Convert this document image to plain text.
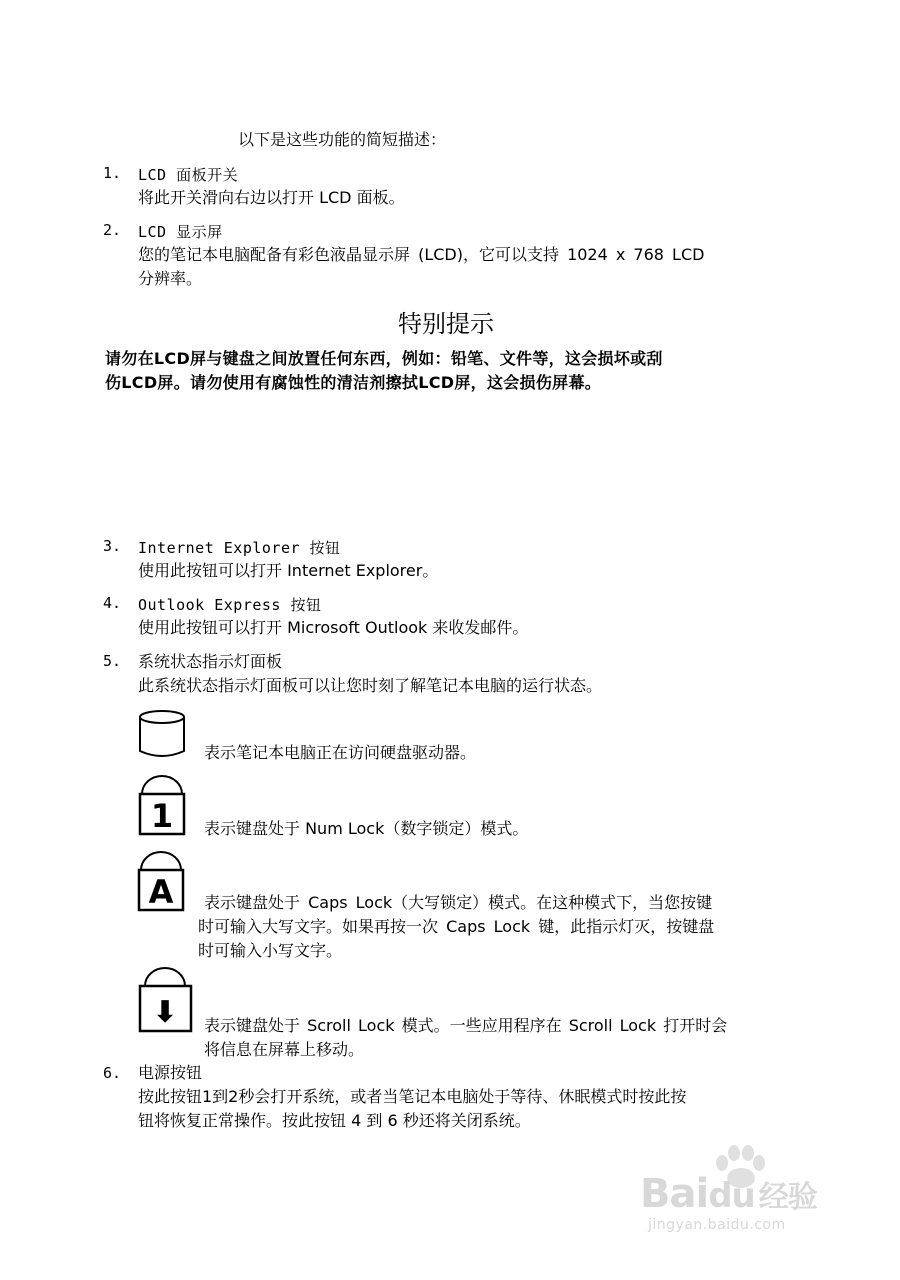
以下是这些功能的简短描述：
1. LCD 面板开关
将此开关滑向右边以打开 LCD 面板。
2. LCD 显示屏
您的笔记本电脑配备有彩色液晶显示屏 (LCD)，它可以支持 1024 x 768 LCD
分辨率。
特别提示
请勿在LCD屏与键盘之间放置任何东西，例如：铅笔、文件等，这会损坏或刮
伤LCD屏。请勿使用有腐蚀性的清洁剂擦拭LCD屏，这会损伤屏幕。
3. Internet Explorer 按钮
使用此按钮可以打开 Internet Explorer。
4. Outlook Express 按钮
使用此按钮可以打开 Microsoft Outlook 来收发邮件。
5. 系统状态指示灯面板
此系统状态指示灯面板可以让您时刻了解笔记本电脑的运行状态。
表示笔记本电脑正在访问硬盘驱动器。
1 表示键盘处于 Num Lock（数字锁定）模式。
A 表示键盘处于 Caps Lock（大写锁定）模式。在这种模式下，当您按键
时可输入大写文字。如果再按一次 Caps Lock 键，此指示灯灭，按键盘
时可输入小写文字。
⬇ 表示键盘处于 Scroll Lock 模式。一些应用程序在 Scroll Lock 打开时会
将信息在屏幕上移动。
6. 电源按钮
按此按钮1到2秒会打开系统，或者当笔记本电脑处于等待、休眠模式时按此按
钮将恢复正常操作。按此按钮 4 到 6 秒还将关闭系统。
Baidu 经验
jingyan.baidu.com
